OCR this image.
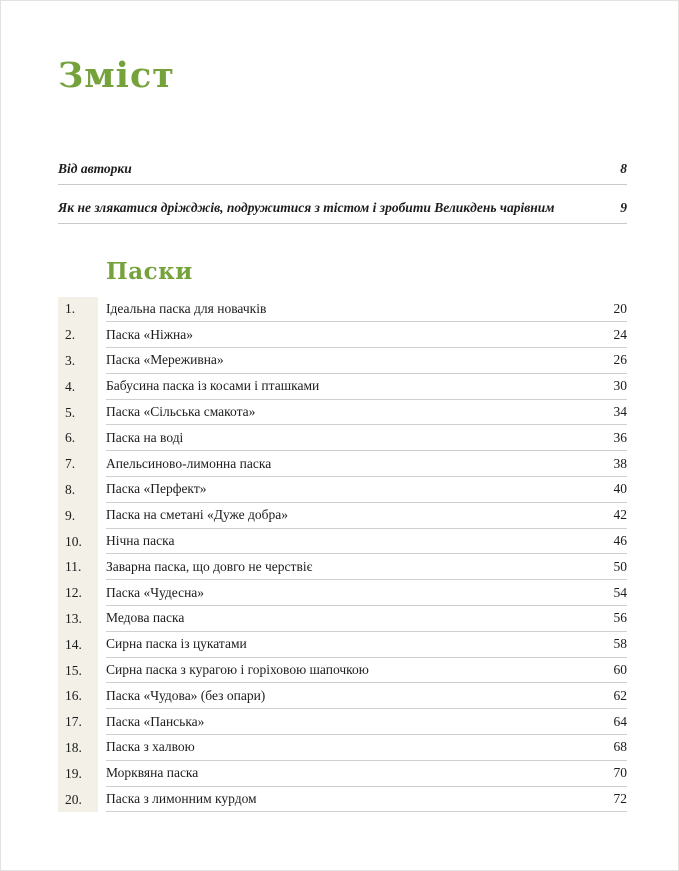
Зміст
Від авторки	8
Як не злякатися дріжджів, подружитися з тістом і зробити Великдень чарівним	9
Паски
1.	Ідеальна паска для новачків	20
2.	Паска «Ніжна»	24
3.	Паска «Мереживна»	26
4.	Бабусина паска із косами і пташками	30
5.	Паска «Сільська смакота»	34
6.	Паска на воді	36
7.	Апельсиново-лимонна паска	38
8.	Паска «Перфект»	40
9.	Паска на сметані «Дуже добра»	42
10.	Нічна паска	46
11.	Заварна паска, що довго не черствіє	50
12.	Паска «Чудесна»	54
13.	Медова паска	56
14.	Сирна паска із цукатами	58
15.	Сирна паска з курагою і горіховою шапочкою	60
16.	Паска «Чудова» (без опари)	62
17.	Паска «Панська»	64
18.	Паска з халвою	68
19.	Морквяна паска	70
20.	Паска з лимонним курдом	72
